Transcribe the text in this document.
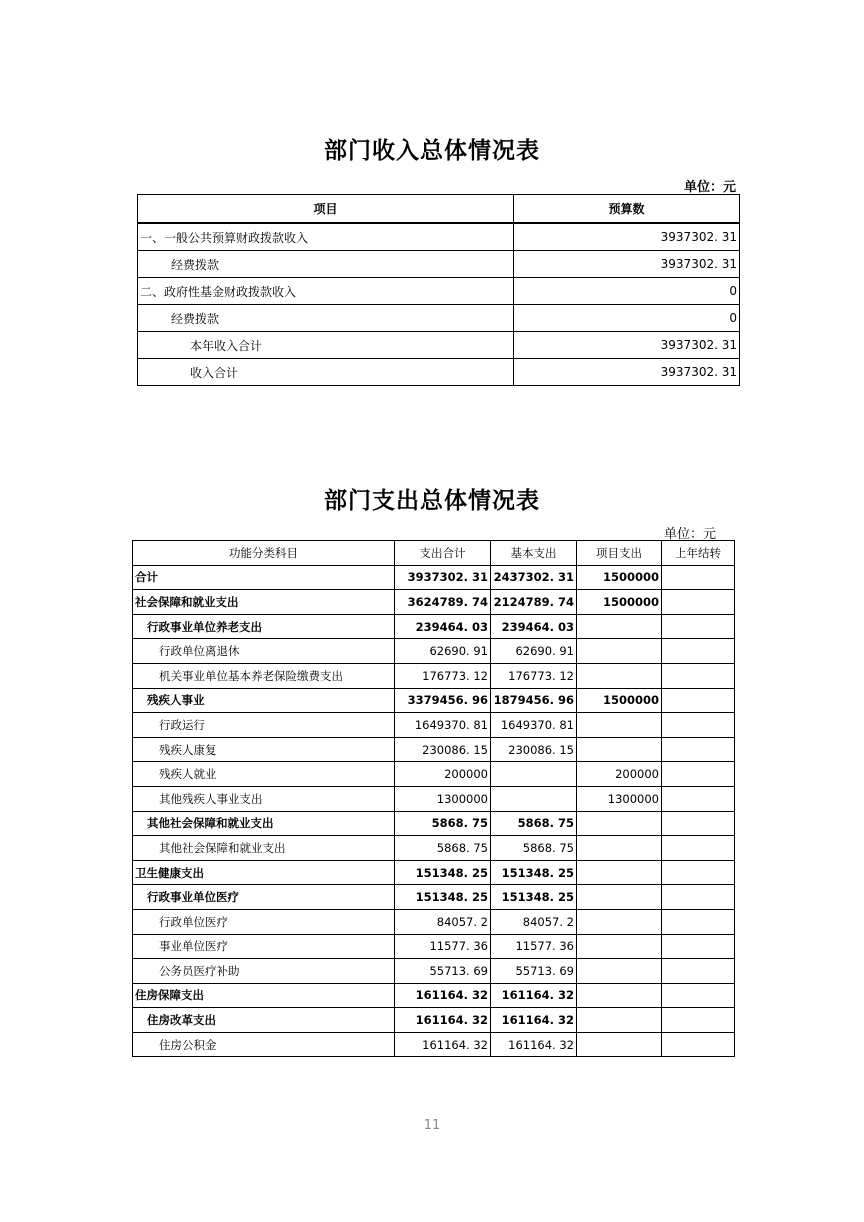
部门收入总体情况表
单位：元
项目	预算数
一、一般公共预算财政拨款收入	3937302. 31
经费拨款	3937302. 31
二、政府性基金财政拨款收入	0
经费拨款	0
本年收入合计	3937302. 31
收入合计	3937302. 31
部门支出总体情况表
单位：元
功能分类科目	支出合计	基本支出	项目支出	上年结转
合计	3937302. 31	2437302. 31	1500000	
社会保障和就业支出	3624789. 74	2124789. 74	1500000	
行政事业单位养老支出	239464. 03	239464. 03		
行政单位离退休	62690. 91	62690. 91		
机关事业单位基本养老保险缴费支出	176773. 12	176773. 12		
残疾人事业	3379456. 96	1879456. 96	1500000	
行政运行	1649370. 81	1649370. 81		
残疾人康复	230086. 15	230086. 15		
残疾人就业	200000		200000	
其他残疾人事业支出	1300000		1300000	
其他社会保障和就业支出	5868. 75	5868. 75		
其他社会保障和就业支出	5868. 75	5868. 75		
卫生健康支出	151348. 25	151348. 25		
行政事业单位医疗	151348. 25	151348. 25		
行政单位医疗	84057. 2	84057. 2		
事业单位医疗	11577. 36	11577. 36		
公务员医疗补助	55713. 69	55713. 69		
住房保障支出	161164. 32	161164. 32		
住房改革支出	161164. 32	161164. 32		
住房公积金	161164. 32	161164. 32		
11
